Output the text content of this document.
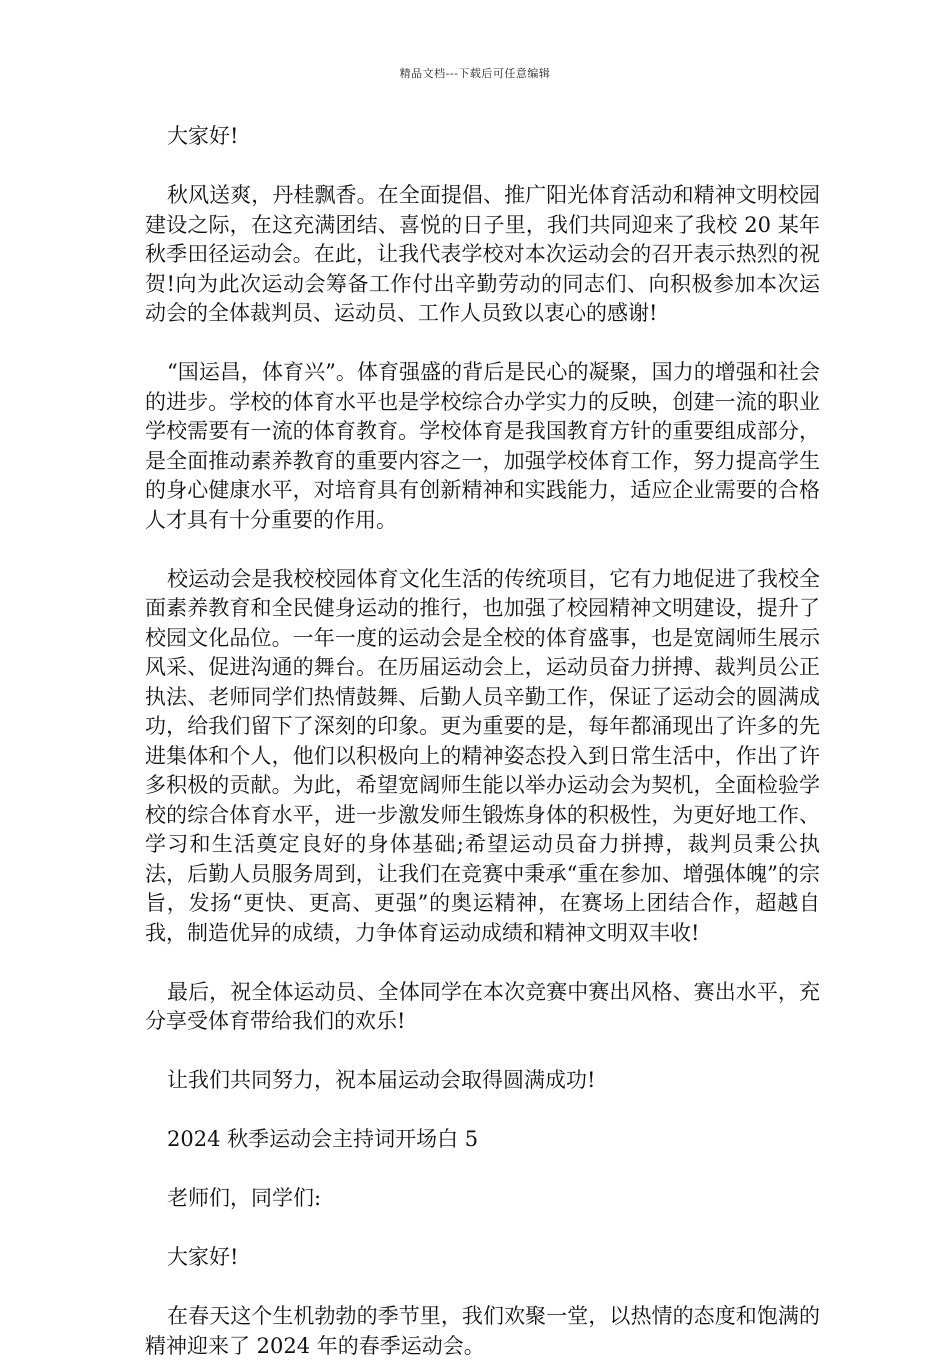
精品文档---下载后可任意编辑

大家好!

秋风送爽，丹桂飘香。在全面提倡、推广阳光体育活动和精神文明校园建设之际，在这充满团结、喜悦的日子里，我们共同迎来了我校 20 某年秋季田径运动会。在此，让我代表学校对本次运动会的召开表示热烈的祝贺!向为此次运动会筹备工作付出辛勤劳动的同志们、向积极参加本次运动会的全体裁判员、运动员、工作人员致以衷心的感谢!

“国运昌，体育兴”。体育强盛的背后是民心的凝聚，国力的增强和社会的进步。学校的体育水平也是学校综合办学实力的反映，创建一流的职业学校需要有一流的体育教育。学校体育是我国教育方针的重要组成部分，是全面推动素养教育的重要内容之一，加强学校体育工作，努力提高学生的身心健康水平，对培育具有创新精神和实践能力，适应企业需要的合格人才具有十分重要的作用。

校运动会是我校校园体育文化生活的传统项目，它有力地促进了我校全面素养教育和全民健身运动的推行，也加强了校园精神文明建设，提升了校园文化品位。一年一度的运动会是全校的体育盛事，也是宽阔师生展示风采、促进沟通的舞台。在历届运动会上，运动员奋力拼搏、裁判员公正执法、老师同学们热情鼓舞、后勤人员辛勤工作，保证了运动会的圆满成功，给我们留下了深刻的印象。更为重要的是，每年都涌现出了许多的先进集体和个人，他们以积极向上的精神姿态投入到日常生活中，作出了许多积极的贡献。为此，希望宽阔师生能以举办运动会为契机，全面检验学校的综合体育水平，进一步激发师生锻炼身体的积极性，为更好地工作、学习和生活奠定良好的身体基础;希望运动员奋力拼搏，裁判员秉公执法，后勤人员服务周到，让我们在竞赛中秉承“重在参加、增强体魄”的宗旨，发扬“更快、更高、更强”的奥运精神，在赛场上团结合作，超越自我，制造优异的成绩，力争体育运动成绩和精神文明双丰收!

最后，祝全体运动员、全体同学在本次竞赛中赛出风格、赛出水平，充分享受体育带给我们的欢乐!

让我们共同努力，祝本届运动会取得圆满成功!

2024 秋季运动会主持词开场白 5

老师们，同学们:

大家好!

在春天这个生机勃勃的季节里，我们欢聚一堂，以热情的态度和饱满的精神迎来了 2024 年的春季运动会。
